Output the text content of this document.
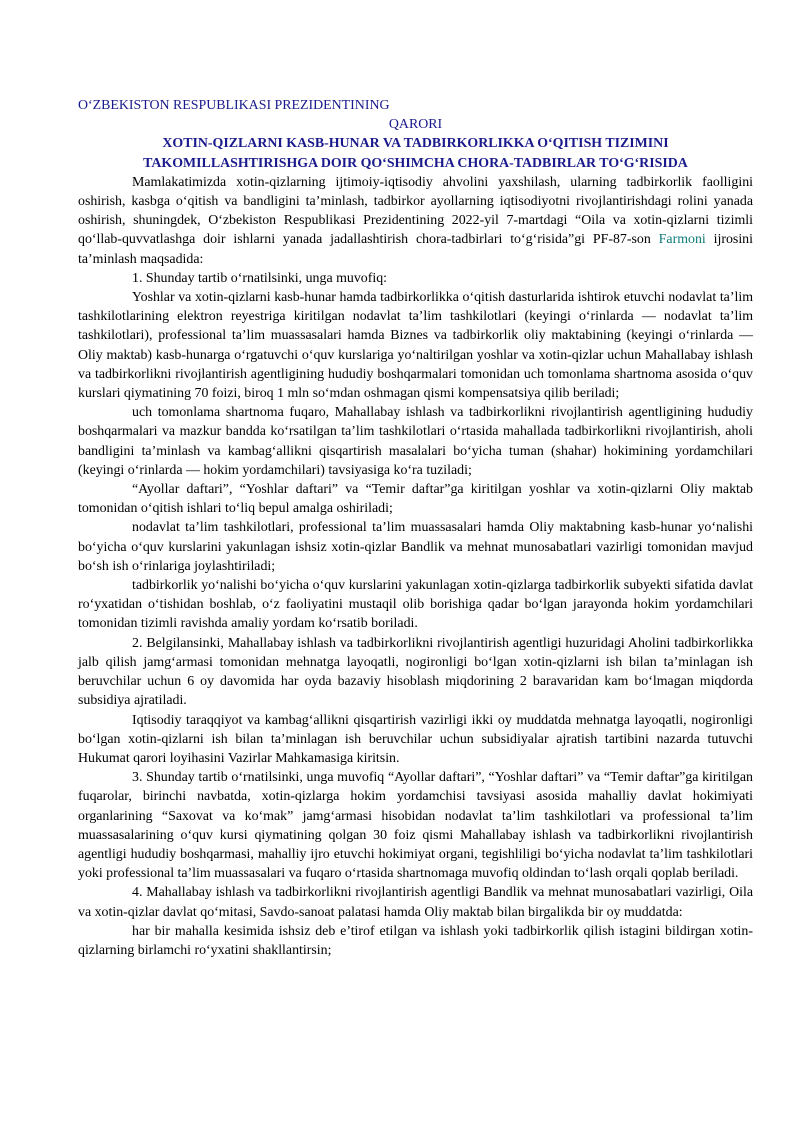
O‘ZBEKISTON RESPUBLIKASI PREZIDENTINING

QARORI

XOTIN-QIZLARNI KASB-HUNAR VA TADBIRKORLIKKA O‘QITISH TIZIMINI
TAKOMILLASHTIRISHGA DOIR QO‘SHIMCHA CHORA-TADBIRLAR TO‘G‘RISIDA

Mamlakatimizda xotin-qizlarning ijtimoiy-iqtisodiy ahvolini yaxshilash, ularning tadbirkorlik faolligini oshirish, kasbga o‘qitish va bandligini ta’minlash, tadbirkor ayollarning iqtisodiyotni rivojlantirishdagi rolini yanada oshirish, shuningdek, O‘zbekiston Respublikasi Prezidentining 2022-yil 7-martdagi “Oila va xotin-qizlarni tizimli qo‘llab-quvvatlashga doir ishlarni yanada jadallashtirish chora-tadbirlari to‘g‘risida”gi PF-87-son Farmoni ijrosini ta’minlash maqsadida:

1. Shunday tartib o‘rnatilsinki, unga muvofiq:

Yoshlar va xotin-qizlarni kasb-hunar hamda tadbirkorlikka o‘qitish dasturlarida ishtirok etuvchi nodavlat ta’lim tashkilotlarining elektron reyestriga kiritilgan nodavlat ta’lim tashkilotlari (keyingi o‘rinlarda — nodavlat ta’lim tashkilotlari), professional ta’lim muassasalari hamda Biznes va tadbirkorlik oliy maktabining (keyingi o‘rinlarda — Oliy maktab) kasb-hunarga o‘rgatuvchi o‘quv kurslariga yo‘naltirilgan yoshlar va xotin-qizlar uchun Mahallabay ishlash va tadbirkorlikni rivojlantirish agentligining hududiy boshqarmalari tomonidan uch tomonlama shartnoma asosida o‘quv kurslari qiymatining 70 foizi, biroq 1 mln so‘mdan oshmagan qismi kompensatsiya qilib beriladi;

uch tomonlama shartnoma fuqaro, Mahallabay ishlash va tadbirkorlikni rivojlantirish agentligining hududiy boshqarmalari va mazkur bandda ko‘rsatilgan ta’lim tashkilotlari o‘rtasida mahallada tadbirkorlikni rivojlantirish, aholi bandligini ta’minlash va kambag‘allikni qisqartirish masalalari bo‘yicha tuman (shahar) hokimining yordamchilari (keyingi o‘rinlarda — hokim yordamchilari) tavsiyasiga ko‘ra tuziladi;

“Ayollar daftari”, “Yoshlar daftari” va “Temir daftar”ga kiritilgan yoshlar va xotin-qizlarni Oliy maktab tomonidan o‘qitish ishlari to‘liq bepul amalga oshiriladi;

nodavlat ta’lim tashkilotlari, professional ta’lim muassasalari hamda Oliy maktabning kasb-hunar yo‘nalishi bo‘yicha o‘quv kurslarini yakunlagan ishsiz xotin-qizlar Bandlik va mehnat munosabatlari vazirligi tomonidan mavjud bo‘sh ish o‘rinlariga joylashtiriladi;

tadbirkorlik yo‘nalishi bo‘yicha o‘quv kurslarini yakunlagan xotin-qizlarga tadbirkorlik subyekti sifatida davlat ro‘yxatidan o‘tishidan boshlab, o‘z faoliyatini mustaqil olib borishiga qadar bo‘lgan jarayonda hokim yordamchilari tomonidan tizimli ravishda amaliy yordam ko‘rsatib boriladi.

2. Belgilansinki, Mahallabay ishlash va tadbirkorlikni rivojlantirish agentligi huzuridagi Aholini tadbirkorlikka jalb qilish jamg‘armasi tomonidan mehnatga layoqatli, nogironligi bo‘lgan xotin-qizlarni ish bilan ta’minlagan ish beruvchilar uchun 6 oy davomida har oyda bazaviy hisoblash miqdorining 2 baravaridan kam bo‘lmagan miqdorda subsidiya ajratiladi.

Iqtisodiy taraqqiyot va kambag‘allikni qisqartirish vazirligi ikki oy muddatda mehnatga layoqatli, nogironligi bo‘lgan xotin-qizlarni ish bilan ta’minlagan ish beruvchilar uchun subsidiyalar ajratish tartibini nazarda tutuvchi Hukumat qarori loyihasini Vazirlar Mahkamasiga kiritsin.

3. Shunday tartib o‘rnatilsinki, unga muvofiq “Ayollar daftari”, “Yoshlar daftari” va “Temir daftar”ga kiritilgan fuqarolar, birinchi navbatda, xotin-qizlarga hokim yordamchisi tavsiyasi asosida mahalliy davlat hokimiyati organlarining “Saxovat va ko‘mak” jamg‘armasi hisobidan nodavlat ta’lim tashkilotlari va professional ta’lim muassasalarining o‘quv kursi qiymatining qolgan 30 foiz qismi Mahallabay ishlash va tadbirkorlikni rivojlantirish agentligi hududiy boshqarmasi, mahalliy ijro etuvchi hokimiyat organi, tegishliligi bo‘yicha nodavlat ta’lim tashkilotlari yoki professional ta’lim muassasalari va fuqaro o‘rtasida shartnomaga muvofiq oldindan to‘lash orqali qoplab beriladi.

4. Mahallabay ishlash va tadbirkorlikni rivojlantirish agentligi Bandlik va mehnat munosabatlari vazirligi, Oila va xotin-qizlar davlat qo‘mitasi, Savdo-sanoat palatasi hamda Oliy maktab bilan birgalikda bir oy muddatda:

har bir mahalla kesimida ishsiz deb e’tirof etilgan va ishlash yoki tadbirkorlik qilish istagini bildirgan xotin-qizlarning birlamchi ro‘yxatini shakllantirsin;
